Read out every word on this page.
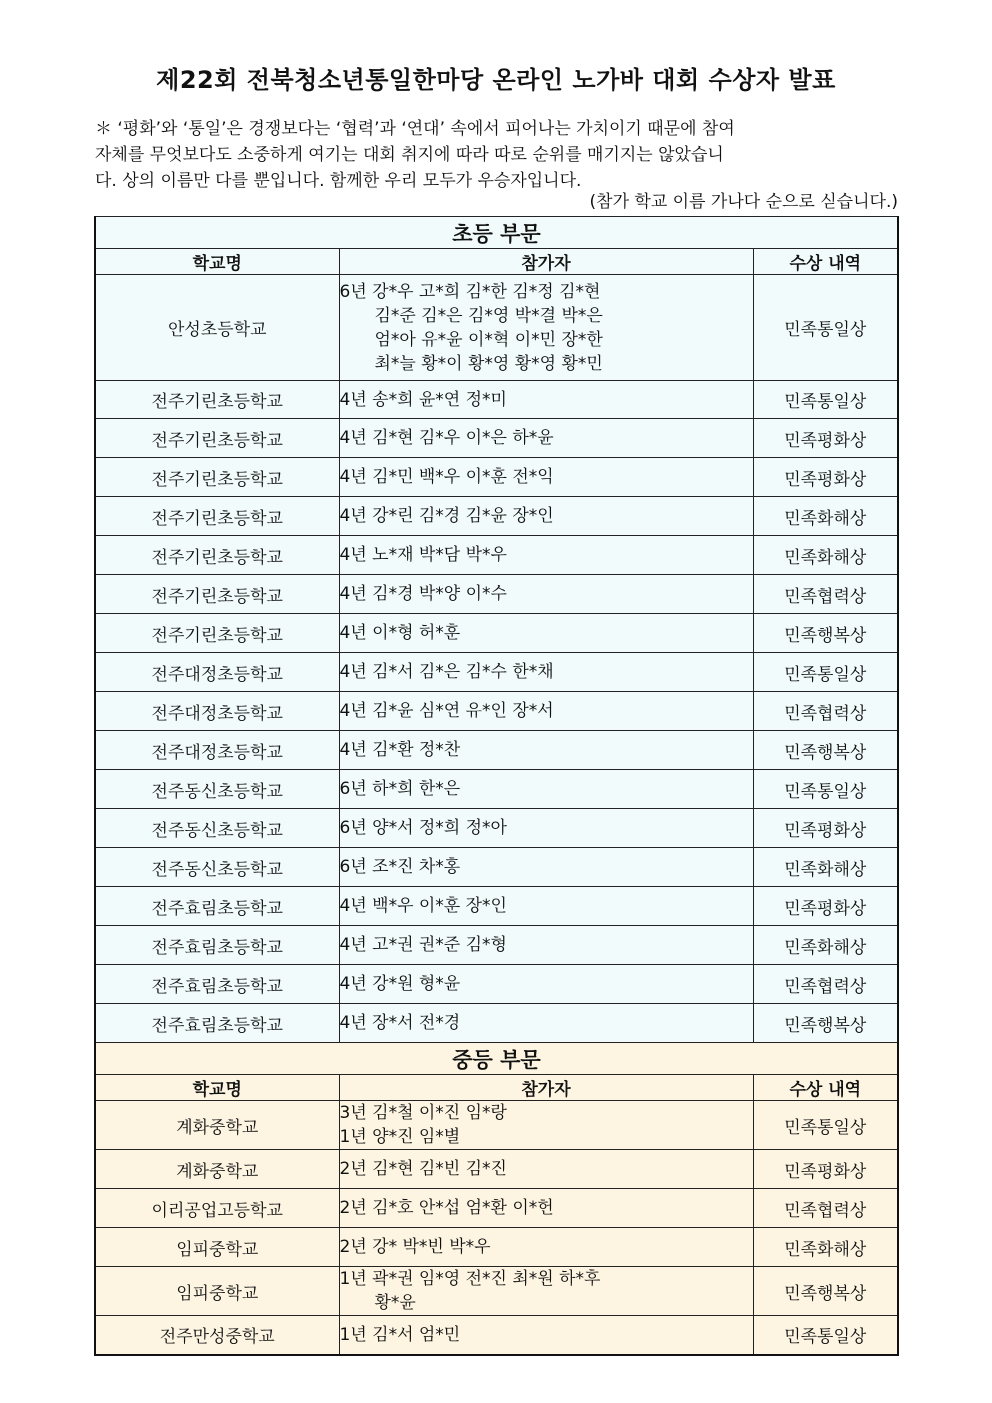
제22회 전북청소년통일한마당 온라인 노가바 대회 수상자 발표
＊ ‘평화’와 ‘통일’은 경쟁보다는 ‘협력’과 ‘연대’ 속에서 피어나는 가치이기 때문에 참여
자체를 무엇보다도 소중하게 여기는 대회 취지에 따라 따로 순위를 매기지는 않았습니
다. 상의 이름만 다를 뿐입니다. 함께한 우리 모두가 우승자입니다.
(참가 학교 이름 가나다 순으로 싣습니다.)
초등 부문		
학교명	참가자	수상 내역
안성초등학교	6년 강*우 고*희 김*한 김*정 김*현
김*준 김*은 김*영 박*결 박*은
엄*아 유*윤 이*혁 이*민 장*한
최*늘 황*이 황*영 황*영 황*민	민족통일상
전주기린초등학교	4년 송*희 윤*연 정*미	민족통일상
전주기린초등학교	4년 김*현 김*우 이*은 하*윤	민족평화상
전주기린초등학교	4년 김*민 백*우 이*훈 전*익	민족평화상
전주기린초등학교	4년 강*린 김*경 김*윤 장*인	민족화해상
전주기린초등학교	4년 노*재 박*담 박*우	민족화해상
전주기린초등학교	4년 김*경 박*양 이*수	민족협력상
전주기린초등학교	4년 이*형 허*훈	민족행복상
전주대정초등학교	4년 김*서 김*은 김*수 한*채	민족통일상
전주대정초등학교	4년 김*윤 심*연 유*인 장*서	민족협력상
전주대정초등학교	4년 김*환 정*찬	민족행복상
전주동신초등학교	6년 하*희 한*은	민족통일상
전주동신초등학교	6년 양*서 정*희 정*아	민족평화상
전주동신초등학교	6년 조*진 차*홍	민족화해상
전주효림초등학교	4년 백*우 이*훈 장*인	민족평화상
전주효림초등학교	4년 고*권 권*준 김*형	민족화해상
전주효림초등학교	4년 강*원 형*윤	민족협력상
전주효림초등학교	4년 장*서 전*경	민족행복상
중등 부문		
학교명	참가자	수상 내역
계화중학교	3년 김*철 이*진 임*랑
1년 양*진 임*별	민족통일상
계화중학교	2년 김*현 김*빈 김*진	민족평화상
이리공업고등학교	2년 김*호 안*섭 엄*환 이*헌	민족협력상
임피중학교	2년 강* 박*빈 박*우	민족화해상
임피중학교	1년 곽*권 임*영 전*진 최*원 하*후
황*윤	민족행복상
전주만성중학교	1년 김*서 엄*민	민족통일상
